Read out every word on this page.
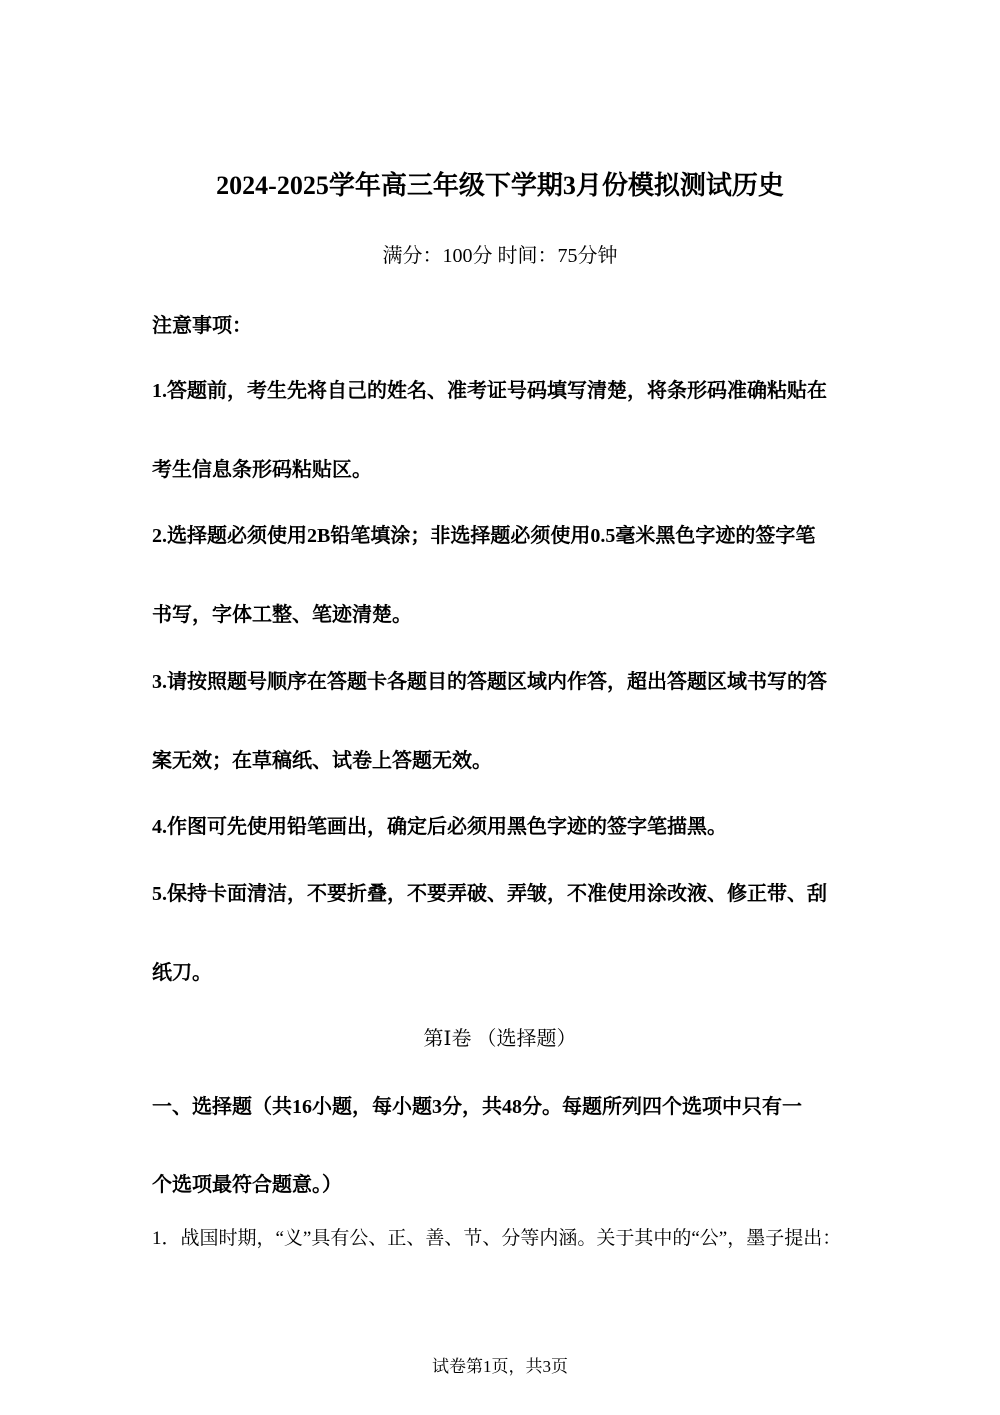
2024-2025学年高三年级下学期3月份模拟测试历史
满分：100分 时间：75分钟
注意事项：
1.答题前，考生先将自己的姓名、准考证号码填写清楚，将条形码准确粘贴在
考生信息条形码粘贴区。
2.选择题必须使用2B铅笔填涂；非选择题必须使用0.5毫米黑色字迹的签字笔
书写，字体工整、笔迹清楚。
3.请按照题号顺序在答题卡各题目的答题区域内作答，超出答题区域书写的答
案无效；在草稿纸、试卷上答题无效。
4.作图可先使用铅笔画出，确定后必须用黑色字迹的签字笔描黑。
5.保持卡面清洁，不要折叠，不要弄破、弄皱，不准使用涂改液、修正带、刮
纸刀。
第Ⅰ卷 （选择题）
一、选择题（共16小题，每小题3分，共48分。每题所列四个选项中只有一
个选项最符合题意。）
1．战国时期，“义”具有公、正、善、节、分等内涵。关于其中的“公”，墨子提出：
试卷第1页，共3页
